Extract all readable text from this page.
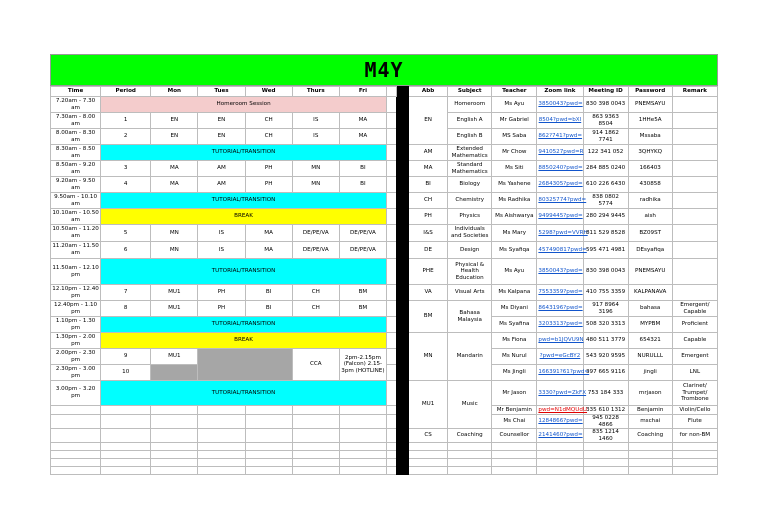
M4Y
Time	Period	Mon	Tues	Wed	Thurs	Fri			Abb	Subject	Teacher	Zoom link	Meeting ID	Password	Remark
7.20am - 7.30 am	Homeroom Session								EN	Homeroom	Ms Ayu	3850043?pwd=	830 398 0043	PNEMSAYU	
7.30am - 8.00 am	1	EN	EN	CH	IS	MA				English A	Mr Gabriel	8504?pwd=bXl	863 9363 8504	1HHe5A	
8.00am - 8.30 am	2	EN	EN	CH	IS	MA				English B	MS Saba	862?741?pwd=	914 1862 7741	Mssaba	
8.30am - 8.50 am	TUTORIAL/TRANSITION								AM	Extended Mathematics	Mr Chow	9410527pwd=R	122 341 052	3QHYKQ	
8.50am - 9.20 am	3	MA	AM	PH	MN	BI			MA	Standard Mathematics	Ms Siti	8850240?pwd=	284 885 0240	166403	
9.20am - 9.50 am	4	MA	AM	PH	MN	BI			BI	Biology	Ms Yashene	2684305?pwd=	610 226 6430	430858	
9.50am - 10.10 am	TUTORIAL/TRANSITION								CH	Chemistry	Ms Radhika	80325774?pwd=	838 0802 5774	radhika	
10.10am - 10.50 am	BREAK								PH	Physics	Ms Aishwarya	9499445?pwd=	280 294 9445	aish	
10.50am - 11.20 am	5	MN	IS	MA	DE/PE/VA	DE/PE/VA			I&S	Individuals and Societies	Ms Mary	5298?pwd=VVRH	811 529 8528	BZ09ST	
11.20am - 11.50 am	6	MN	IS	MA	DE/PE/VA	DE/PE/VA			DE	Design	Ms Syafiqa	457490817pwd=	595 471 4981	DEsyafiqa	
11.50am - 12.10 pm	TUTORIAL/TRANSITION								PHE	Physical & Health Education	Ms Ayu	3850043?pwd=	830 398 0043	PNEMSAYU	
12.10pm - 12.40 pm	7	MU1	PH	BI	CH	BM			VA	Visual Arts	Ms Kalpana	7553359?pwd=	410 755 3359	KALPANAVA	
12.40pm - 1.10 pm	8	MU1	PH	BI	CH	BM			BM	Bahasa Malaysia	Ms Diyani	8643196?pwd=	917 8964 3196	bahasa	Emergent/ Capable
1.10pm - 1.30 pm	TUTORIAL/TRANSITION										Ms Syafina	3203313?pwd=	508 320 3313	MYPBM	Proficient
1.30pm - 2.00 pm	BREAK								MN	Mandarin	Ms Fiona	pwd=b1JQVU9N	480 511 3779	654321	Capable
2.00pm - 2.30 pm	9	MU1			CCA	2pm-2.15pm (Falcon) 2.15-3pm (HOTLINE)					Ms Nurul	?pwd=eGcBY2	543 920 9595	NURULLL	Emergent
2.30pm - 3.00 pm	10										Ms Jingli	166391?61?pwd=	397 665 9116	jingli	LNL
3.00pm - 3.20 pm	TUTORIAL/TRANSITION								MU1	Music	Mr Jason	3330?pwd=ZkFX	753 184 333	mrjason	Clarinet/ Trumpet/ Trombone
											Mr Benjamin	pwd=N1dMQUdU	335 610 1312	Benjamin	Violin/Cello
											Ms Chai	1284866?pwd=	945 0228 4866	mschai	Flute
									CS	Coaching	Counsellor	2141460?pwd=	835 1214 1460	Coaching	for non-BM
